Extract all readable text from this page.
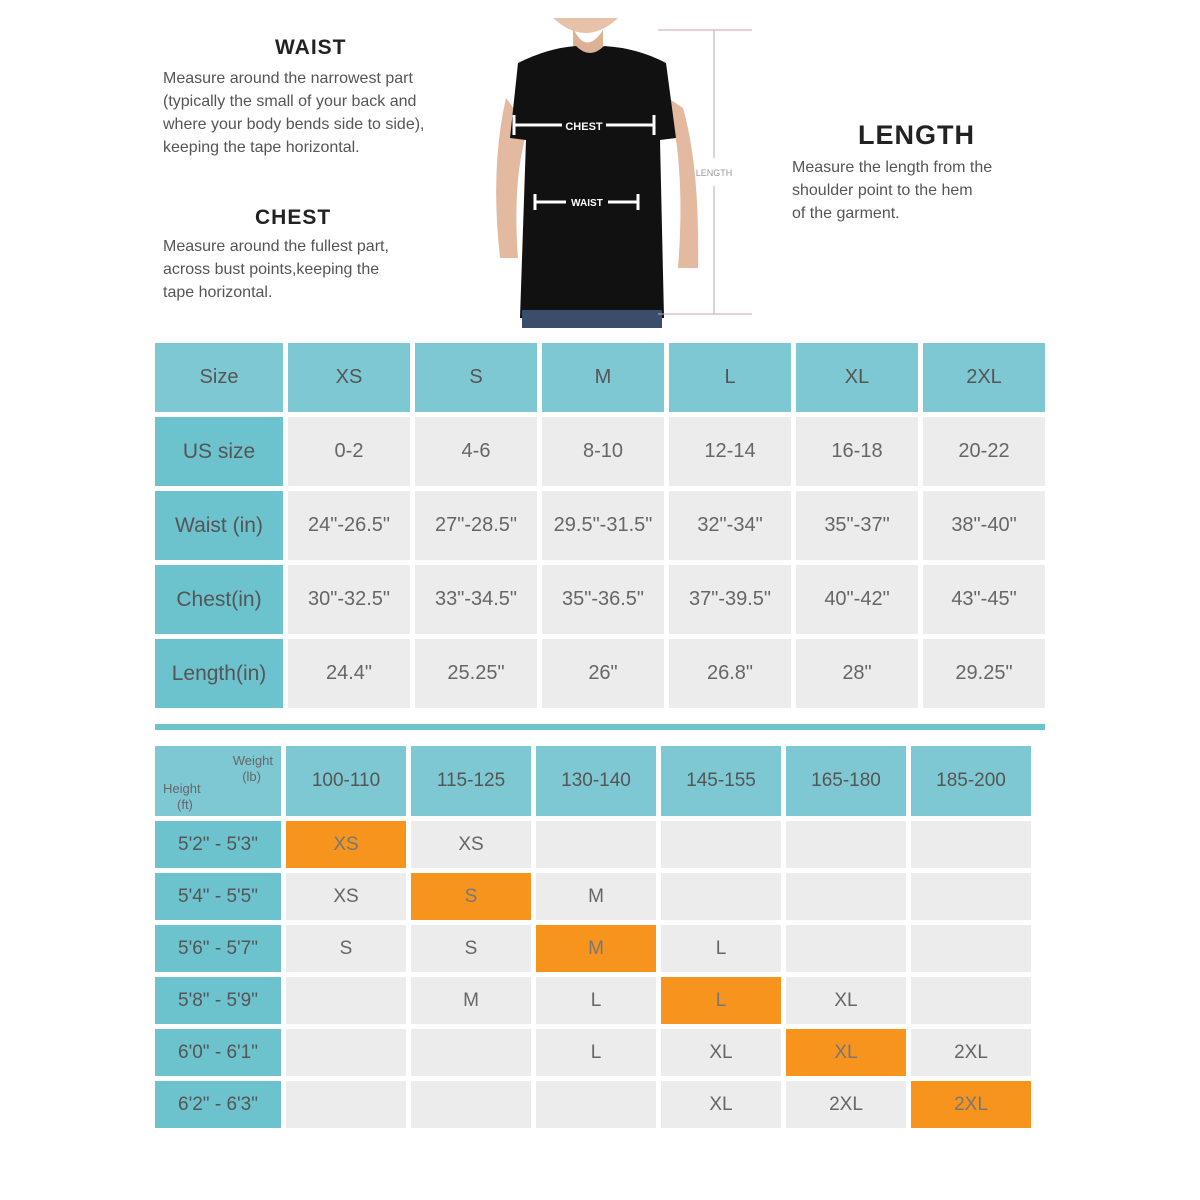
WAIST
Measure around the narrowest part
(typically the small of your back and
where your body bends side to side),
keeping the tape horizontal.
CHEST
Measure around the fullest part,
across bust points,keeping the
tape horizontal.
LENGTH
Measure the length from the
shoulder point to the hem
of the garment.
CHEST
WAIST
LENGTH
Size	XS	S	M	L	XL	2XL
US size	0-2	4-6	8-10	12-14	16-18	20-22
Waist (in)	24"-26.5"	27"-28.5"	29.5"-31.5"	32"-34"	35"-37"	38"-40"
Chest(in)	30"-32.5"	33"-34.5"	35"-36.5"	37"-39.5"	40"-42"	43"-45"
Length(in)	24.4"	25.25"	26"	26.8"	28"	29.25"
Weight
(lb)
Height
(ft)	100-110	115-125	130-140	145-155	165-180	185-200
5'2" - 5'3"	XS	XS				
5'4" - 5'5"	XS	S	M			
5'6" - 5'7"	S	S	M	L		
5'8" - 5'9"		M	L	L	XL	
6'0" - 6'1"			L	XL	XL	2XL
6'2" - 6'3"				XL	2XL	2XL
